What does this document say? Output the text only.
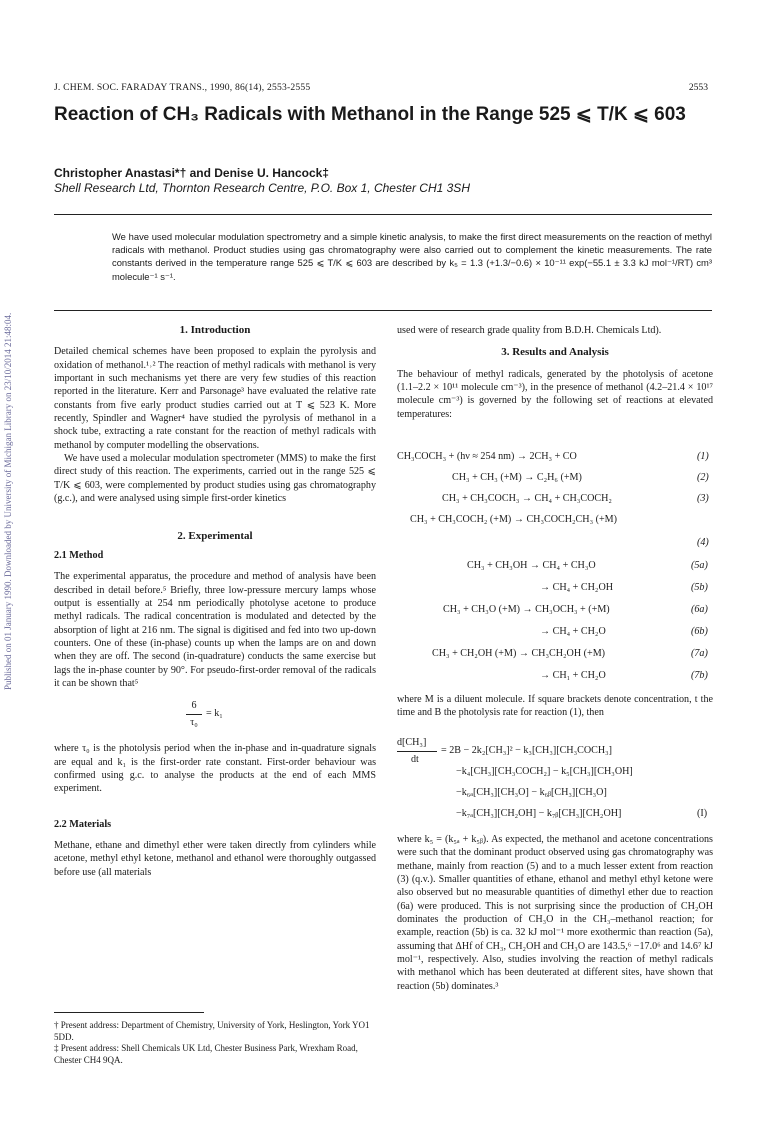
Published on 01 January 1990. Downloaded by University of Michigan Library on 23/10/2014 21:48:04.
J. CHEM. SOC. FARADAY TRANS., 1990, 86(14), 2553-2555	2553
Reaction of CH₃ Radicals with Methanol in the Range 525 ⩽ T/K ⩽ 603
Christopher Anastasi*† and Denise U. Hancock‡
Shell Research Ltd, Thornton Research Centre, P.O. Box 1, Chester CH1 3SH
We have used molecular modulation spectrometry and a simple kinetic analysis, to make the first direct measurements on the reaction of methyl radicals with methanol. Product studies using gas chromatography were also carried out to complement the kinetic measurements. The rate constants derived in the temperature range 525 ⩽ T/K ⩽ 603 are described by k₅ = 1.3 (+1.3/−0.6) × 10⁻¹¹ exp(−55.1 ± 3.3 kJ mol⁻¹/RT) cm³ molecule⁻¹ s⁻¹.
1. Introduction

Detailed chemical schemes have been proposed to explain the pyrolysis and oxidation of methanol.¹˒² The reaction of methyl radicals with methanol is very important in such mechanisms yet there are very few studies of this reaction reported in the literature. Kerr and Parsonage³ have evaluated the relative rate constants from five early product studies carried out at T ⩽ 523 K. More recently, Spindler and Wagner⁴ have studied the pyrolysis of methanol in a shock tube, extracting a rate constant for the reaction of methyl radicals with methanol by computer modelling the observations.

We have used a molecular modulation spectrometer (MMS) to make the first direct study of this reaction. The experiments, carried out in the range 525 ⩽ T/K ⩽ 603, were complemented by product studies using gas chromatography (g.c.), and were analysed using simple first-order kinetics

2. Experimental
2.1 Method

The experimental apparatus, the procedure and method of analysis have been described in detail before.⁵ Briefly, three low-pressure mercury lamps whose output is essentially at 254 nm periodically photolyse acetone to produce methyl radicals. The radical concentration is modulated and detected by the absorption of light at 216 nm. The signal is digitised and fed into two up-down counters. One of these (in-phase) counts up when the lamps are on and down when they are off. The second (in-quadrature) conducts the same exercise but lags the in-phase counter by 90°. For pseudo-first-order removal of the radicals it can be shown that⁵

6
τ₀
= k₁

where τ₀ is the photolysis period when the in-phase and in-quadrature signals are equal and k₁ is the first-order rate constant. First-order behaviour was confirmed using g.c. to analyse the products at the end of each MMS experiment.

2.2 Materials

Methane, ethane and dimethyl ether were taken directly from cylinders while acetone, methyl ethyl ketone, methanol and ethanol were thoroughly outgassed before use (all materials

† Present address: Department of Chemistry, University of York, Heslington, York YO1 5DD.

‡ Present address: Shell Chemicals UK Ltd, Chester Business Park, Wrexham Road, Chester CH4 9QA.

used were of research grade quality from B.D.H. Chemicals Ltd).

3. Results and Analysis

The behaviour of methyl radicals, generated by the photolysis of acetone (1.1–2.2 × 10¹¹ molecule cm⁻³), in the presence of methanol (4.2–21.4 × 10¹⁷ molecule cm⁻³) is governed by the following set of reactions at elevated temperatures:

CH₃COCH₃ + (hν ≈ 254 nm) → 2CH₃ + CO	(1)
CH₃ + CH₃ (+M) → C₂H₆ (+M)	(2)
CH₃ + CH₃COCH₃ → CH₄ + CH₃COCH₂	(3)
CH₃ + CH₃COCH₂ (+M) → CH₃COCH₂CH₃ (+M)
(4)
CH₃ + CH₃OH → CH₄ + CH₃O	(5a)
→ CH₄ + CH₂OH	(5b)
CH₃ + CH₃O (+M) → CH₃OCH₃ + (+M)	(6a)
→ CH₄ + CH₂O	(6b)
CH₃ + CH₂OH (+M) → CH₃CH₂OH (+M)	(7a)
→ CH₁ + CH₂O	(7b)
where M is a diluent molecule. If square brackets denote concentration, t the time and B the photolysis rate for reaction (1), then
d[CH₃]
dt
= 2B − 2k₂[CH₃]² − k₃[CH₃][CH₃COCH₃]
−k₄[CH₃][CH₃COCH₂] − k₅[CH₃][CH₃OH]
−k₆ₐ[CH₃][CH₃O] − k₆ᵦ[CH₃][CH₃O]
−k₇ₐ[CH₃][CH₂OH] − k₇ᵦ[CH₃][CH₂OH]	(I)
where k₅ = (k₅ₐ + k₅ᵦ). As expected, the methanol and acetone concentrations were such that the dominant product observed using gas chromatography was methane, mainly from reaction (5) and to a much lesser extent from reaction (3) (q.v.). Smaller quantities of ethane, ethanol and methyl ethyl ketone were also observed but no measurable quantities of dimethyl ether due to reaction (6a) were produced. This is not surprising since the production of CH₂OH dominates the production of CH₃O in the CH₃–methanol reaction; for example, reaction (5b) is ca. 32 kJ mol⁻¹ more exothermic than reaction (5a), assuming that ΔHf of CH₃, CH₂OH and CH₃O are 143.5,⁶ −17.0⁶ and 14.6⁷ kJ mol⁻¹, respectively. Also, studies involving the reaction of methyl radicals with methanol which has been deuterated at different sites, have shown that reaction (5b) dominates.³
